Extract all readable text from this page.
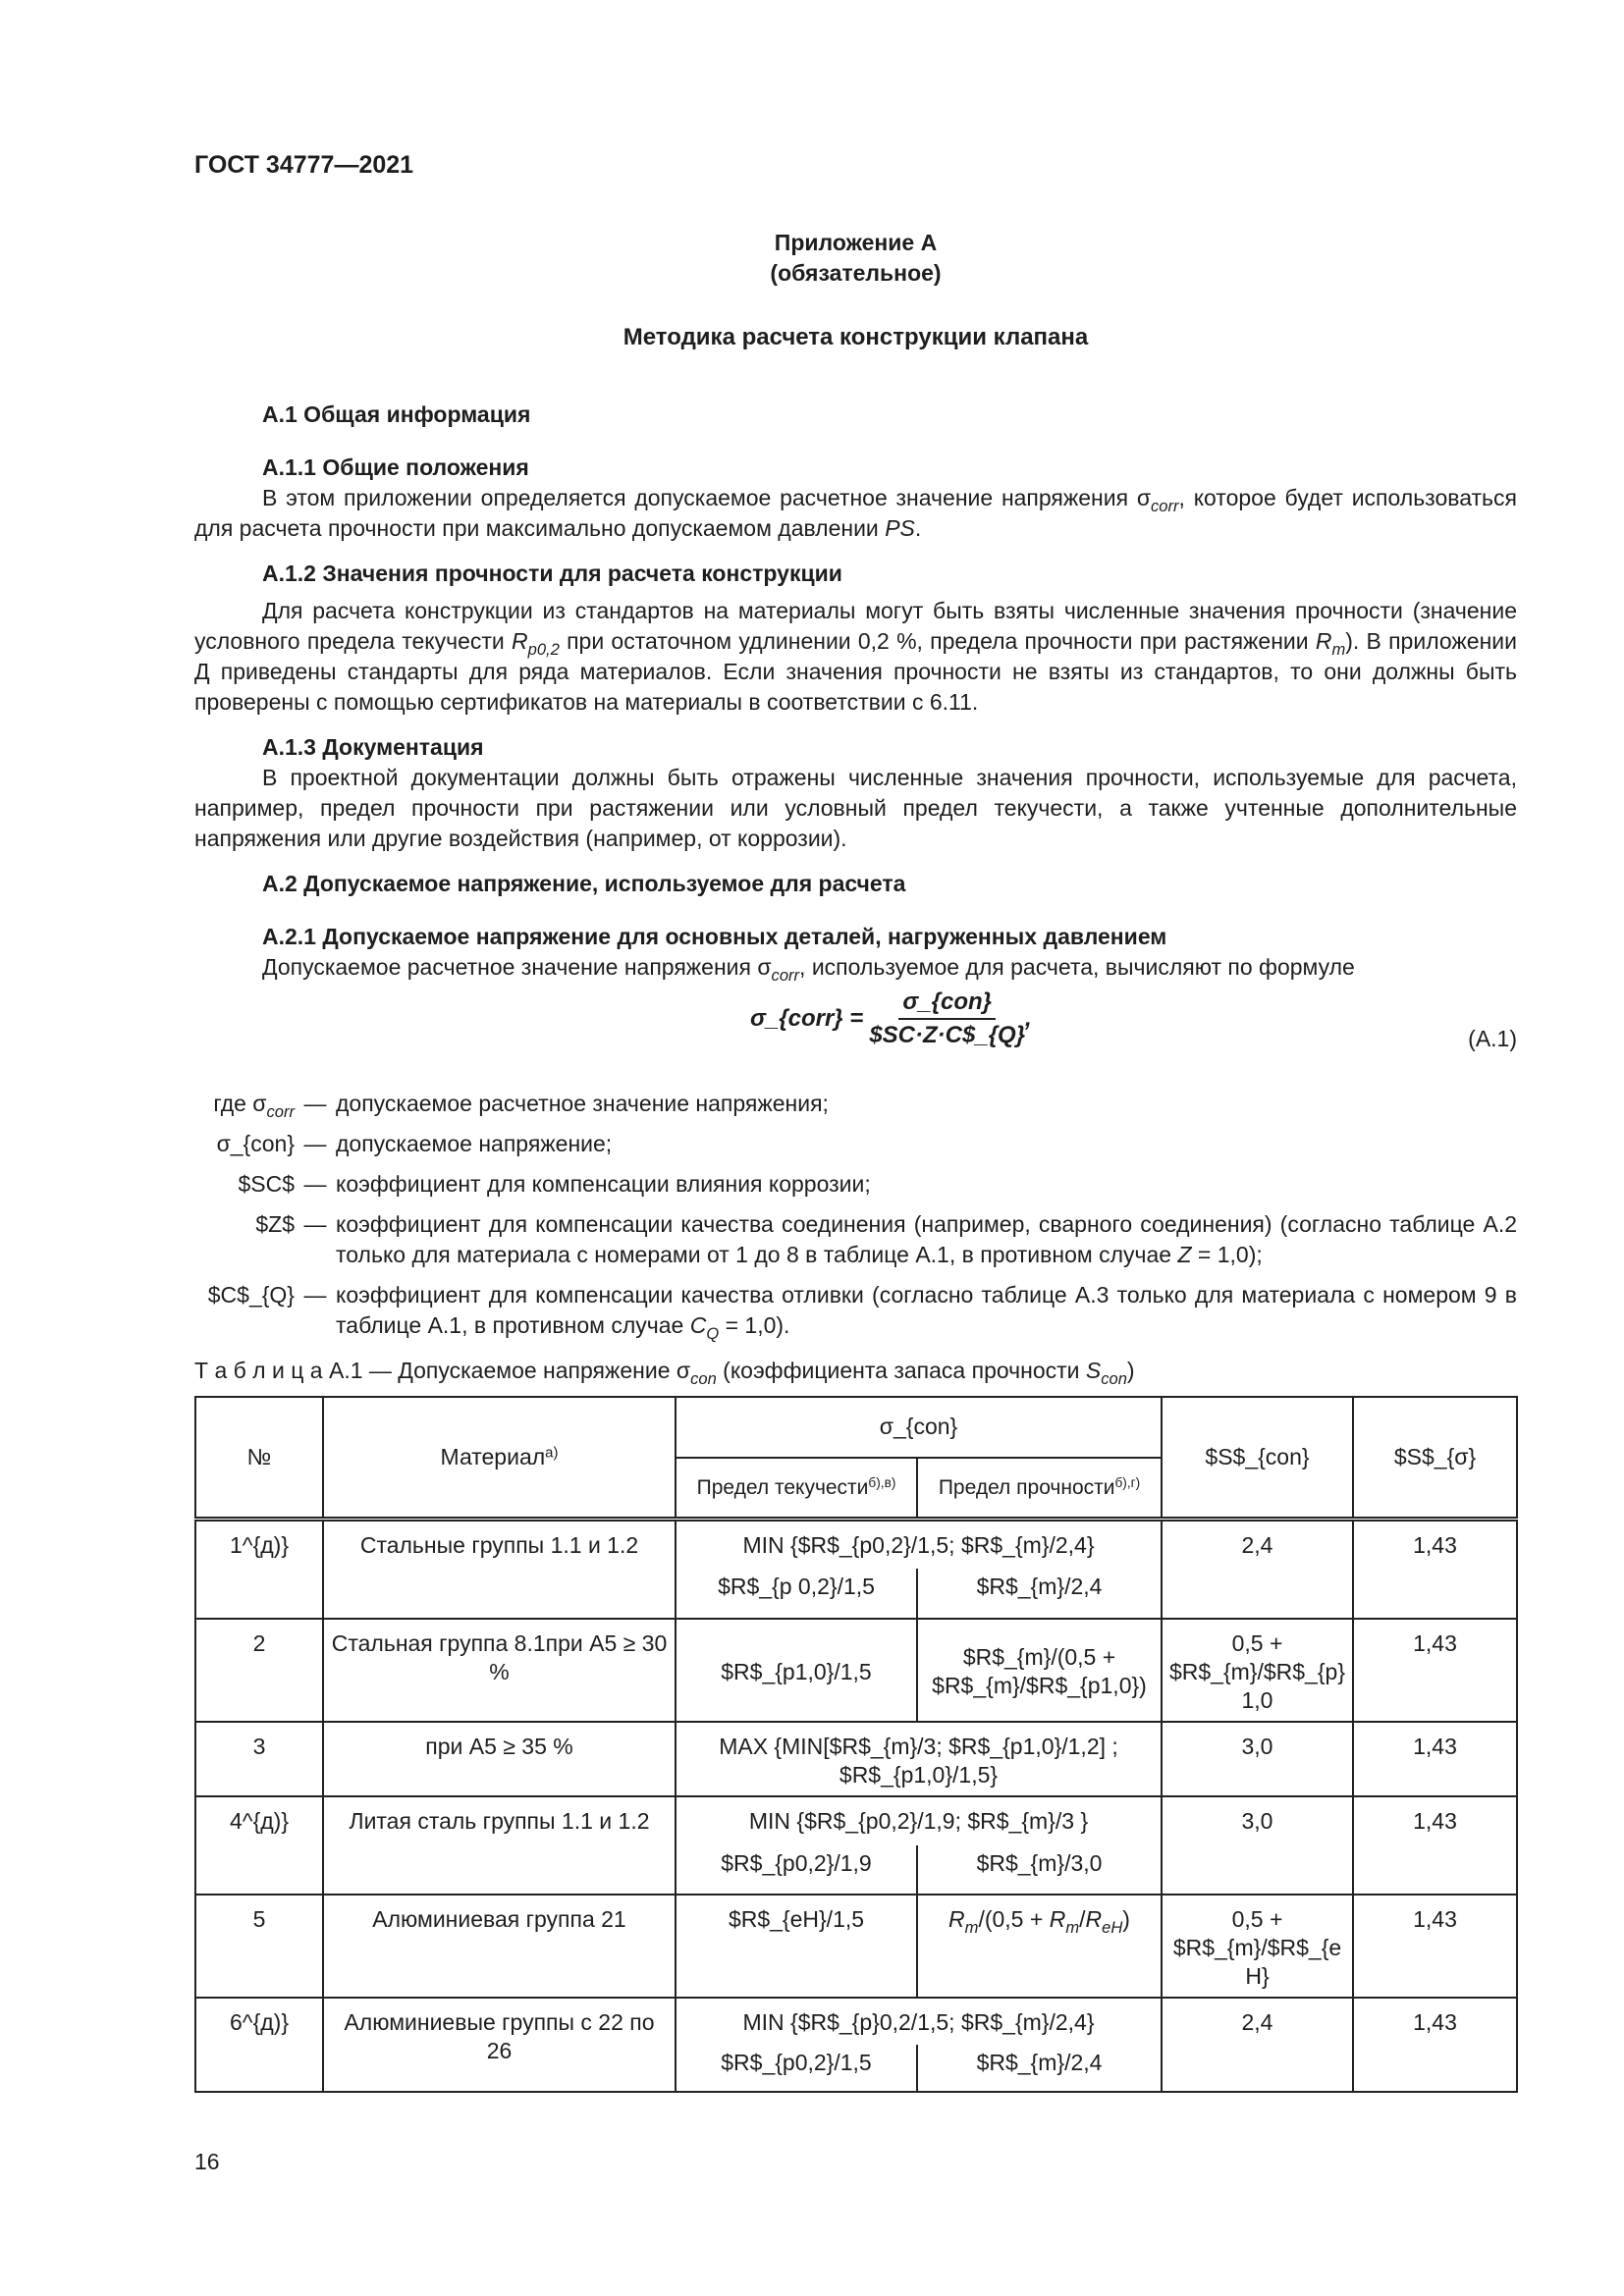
ГОСТ 34777—2021
Приложение А
(обязательное)
Методика расчета конструкции клапана
А.1 Общая информация
А.1.1 Общие положения
В этом приложении определяется допускаемое расчетное значение напряжения $\sigma_{corr}$, которое будет использоваться для расчета прочности при максимально допускаемом давлении PS.
А.1.2 Значения прочности для расчета конструкции
Для расчета конструкции из стандартов на материалы могут быть взяты численные значения прочности (значение условного предела текучести $R_{p0,2}$ при остаточном удлинении 0,2 %, предела прочности при растяжении $R_m$). В приложении Д приведены стандарты для ряда материалов. Если значения прочности не взяты из стандартов, то они должны быть проверены с помощью сертификатов на материалы в соответствии с 6.11.
А.1.3 Документация
В проектной документации должны быть отражены численные значения прочности, используемые для расчета, например, предел прочности при растяжении или условный предел текучести, а также учтенные дополнительные напряжения или другие воздействия (например, от коррозии).
А.2 Допускаемое напряжение, используемое для расчета
А.2.1 Допускаемое напряжение для основных деталей, нагруженных давлением
Допускаемое расчетное значение напряжения $\sigma_{corr}$, используемое для расчета, вычисляют по формуле
σ_{corr} =
σ_{con}
$SC·Z·C$_{Q}
,
(А.1)
где $\sigma_{corr}$ — допускаемое расчетное значение напряжения;
σ_{con} — допускаемое напряжение;
$SC$ — коэффициент для компенсации влияния коррозии;
$Z$ — коэффициент для компенсации качества соединения (например, сварного соединения) (согласно таблице А.2 только для материала с номерами от 1 до 8 в таблице А.1, в противном случае Z = 1,0);
$C$_{Q} — коэффициент для компенсации качества отливки (согласно таблице А.3 только для материала с номером 9 в таблице А.1, в противном случае $C_Q = 1,0$).
Т а б л и ц а А.1 — Допускаемое напряжение $\sigma_{con}$ (коэффициента запаса прочности $S_{con}$)
№	Материал$^{а)}$	σ_{con}		$S$_{con}	$S$_{σ}
		Предел текучести$^{б),в)}$	Предел прочности$^{б),г)}$
1^{д)}	Стальные группы 1.1 и 1.2	MIN {$R$_{p0,2}/1,5; $R$_{m}/2,4}		2,4	1,43
		$R$_{p 0,2}/1,5	$R$_{m}/2,4		
2	Стальная группа 8.1при А5 ≥ 30 %	$R$_{p1,0}/1,5	$R$_{m}/(0,5 + $R$_{m}/$R$_{p1,0})	0,5 + $R$_{m}/$R$_{p} 1,0	1,43
3	при А5 ≥ 35 %	MAX {MIN[$R$_{m}/3; $R$_{p1,0}/1,2] ; $R$_{p1,0}/1,5}		3,0	1,43
4^{д)}	Литая сталь группы 1.1 и 1.2	MIN {$R$_{p0,2}/1,9; $R$_{m}/3 }		3,0	1,43
		$R$_{p0,2}/1,9	$R$_{m}/3,0		
5	Алюминиевая группа 21	$R$_{eH}/1,5	$R_m/(0,5 + R_m/R_{eH})$	0,5 + $R$_{m}/$R$_{eH}	1,43
6^{д)}	Алюминиевые группы с 22 по 26	MIN {$R$_{p}0,2/1,5; $R$_{m}/2,4}		2,4	1,43
		$R$_{p0,2}/1,5	$R$_{m}/2,4		
16
